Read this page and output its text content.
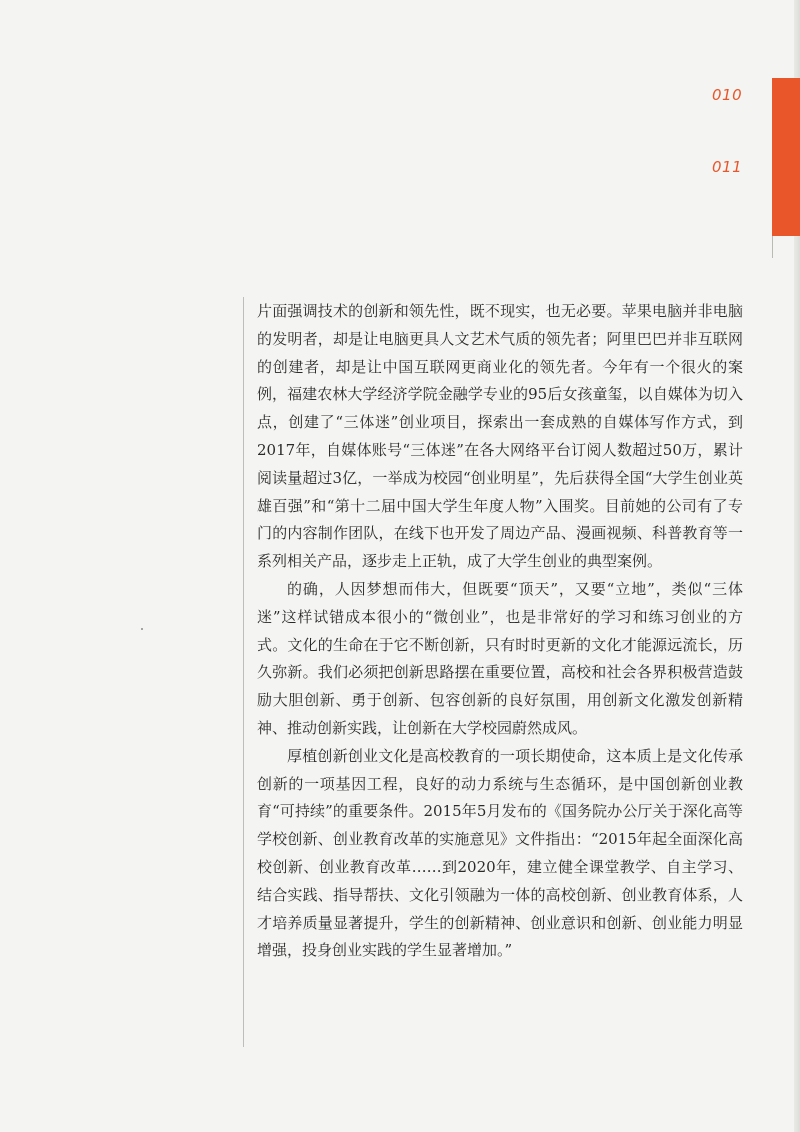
010
011

片面强调技术的创新和领先性，既不现实，也无必要。苹果电脑并非电脑的发明者，却是让电脑更具人文艺术气质的领先者；阿里巴巴并非互联网的创建者，却是让中国互联网更商业化的领先者。今年有一个很火的案例，福建农林大学经济学院金融学专业的95后女孩童玺，以自媒体为切入点，创建了“三体迷”创业项目，探索出一套成熟的自媒体写作方式，到2017年，自媒体账号“三体迷”在各大网络平台订阅人数超过50万，累计阅读量超过3亿，一举成为校园“创业明星”，先后获得全国“大学生创业英雄百强”和“第十二届中国大学生年度人物”入围奖。目前她的公司有了专门的内容制作团队，在线下也开发了周边产品、漫画视频、科普教育等一系列相关产品，逐步走上正轨，成了大学生创业的典型案例。

的确，人因梦想而伟大，但既要“顶天”，又要“立地”，类似“三体迷”这样试错成本很小的“微创业”，也是非常好的学习和练习创业的方式。文化的生命在于它不断创新，只有时时更新的文化才能源远流长，历久弥新。我们必须把创新思路摆在重要位置，高校和社会各界积极营造鼓励大胆创新、勇于创新、包容创新的良好氛围，用创新文化激发创新精神、推动创新实践，让创新在大学校园蔚然成风。

厚植创新创业文化是高校教育的一项长期使命，这本质上是文化传承创新的一项基因工程，良好的动力系统与生态循环，是中国创新创业教育“可持续”的重要条件。2015年5月发布的《国务院办公厅关于深化高等学校创新、创业教育改革的实施意见》文件指出：“2015年起全面深化高校创新、创业教育改革……到2020年，建立健全课堂教学、自主学习、结合实践、指导帮扶、文化引领融为一体的高校创新、创业教育体系，人才培养质量显著提升，学生的创新精神、创业意识和创新、创业能力明显增强，投身创业实践的学生显著增加。”
